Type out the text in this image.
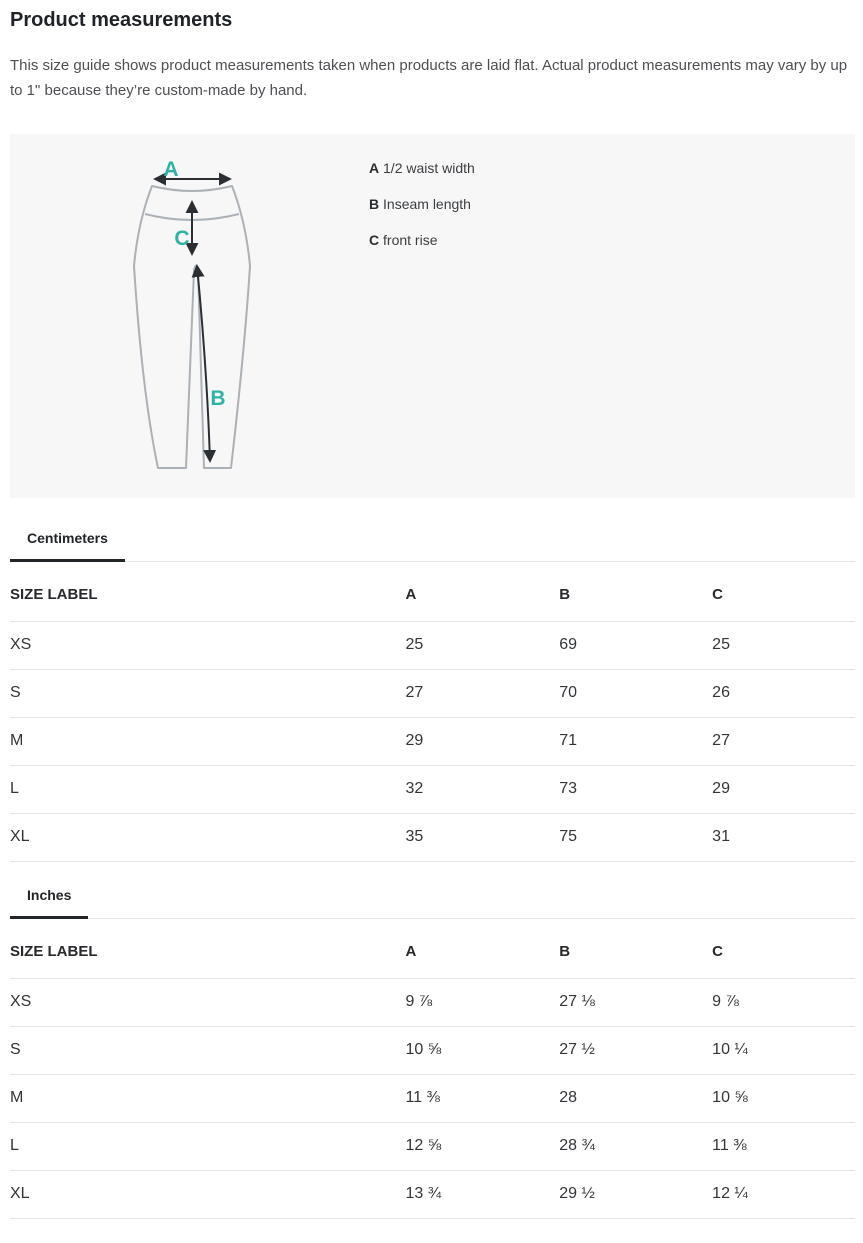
Product measurements

This size guide shows product measurements taken when products are laid flat. Actual product measurements may vary by up to 1" because they’re custom-made by hand.

A
C
B
A 1/2 waist width
B Inseam length
C front rise
Centimeters
SIZE LABEL	A	B	C
XS	25	69	25
S	27	70	26
M	29	71	27
L	32	73	29
XL	35	75	31
Inches
SIZE LABEL	A	B	C
XS	9 ⅞	27 ⅛	9 ⅞
S	10 ⅝	27 ½	10 ¼
M	11 ⅜	28	10 ⅝
L	12 ⅝	28 ¾	11 ⅜
XL	13 ¾	29 ½	12 ¼
